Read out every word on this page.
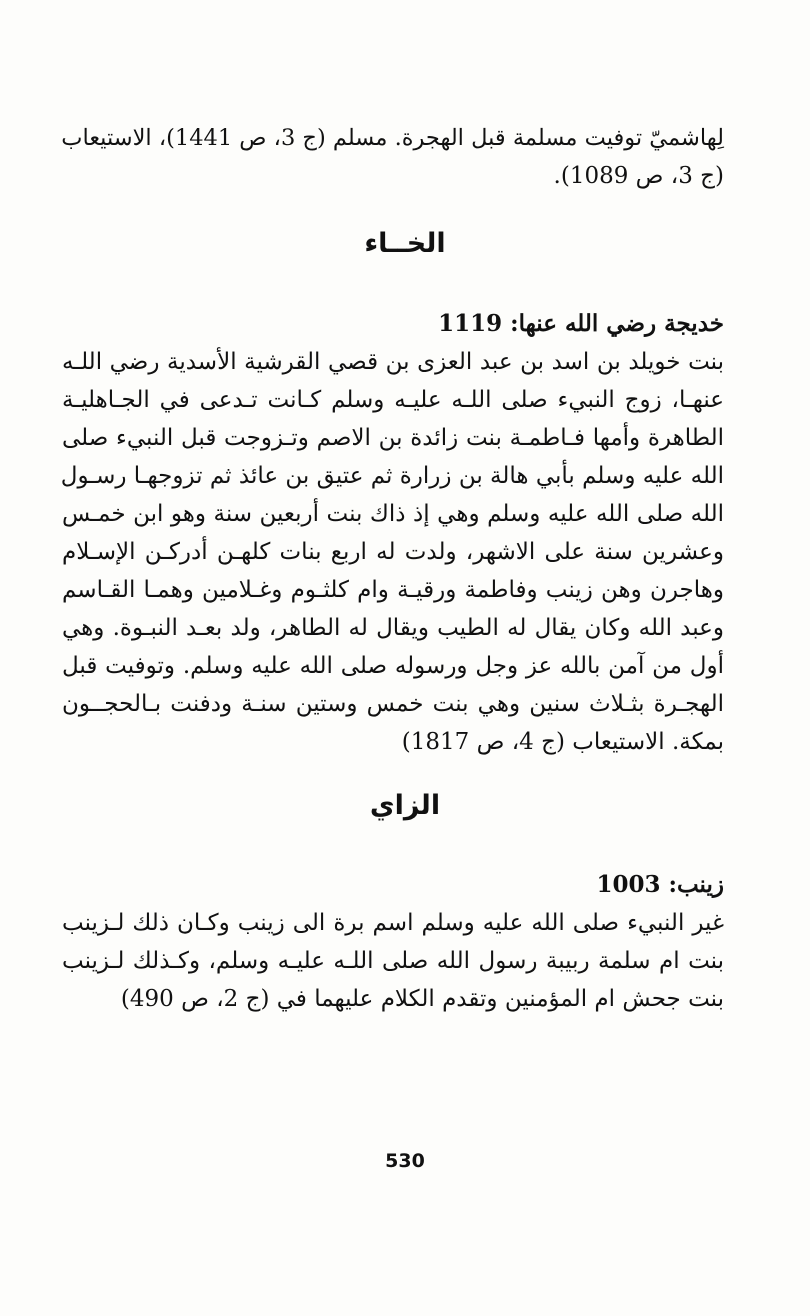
لِهاشميّ توفيت مسلمة قبل الهجرة. مسلم (ج 3، ص 1441)، الاستيعاب
(ج 3، ص 1089).
الخــاء
خديجة رضي الله عنها: 1119
بنت خويلد بن اسد بن عبد العزى بن قصي القرشية الأسدية رضي اللـه
عنهـا، زوج النبيء صلى اللـه عليـه وسلم كـانت تـدعى في الجـاهليـة
الطاهرة وأمها فـاطمـة بنت زائدة بن الاصم وتـزوجت قبل النبيء صلى
الله عليه وسلم بأبي هالة بن زرارة ثم عتيق بن عائذ ثم تزوجهـا رسـول
الله صلى الله عليه وسلم وهي إذ ذاك بنت أربعين سنة وهو ابن خمـس
وعشرين سنة على الاشهر، ولدت له اربع بنات كلهـن أدركـن الإسـلام
وهاجرن وهن زينب وفاطمة ورقيـة وام كلثـوم وغـلامين وهمـا القـاسم
وعبد الله وكان يقال له الطيب ويقال له الطاهر، ولد بعـد النبـوة. وهي
أول من آمن بالله عز وجل ورسوله صلى الله عليه وسلم. وتوفيت قبل
الهجـرة بثـلاث سنين وهي بنت خمس وستين سنـة ودفنت بـالحجــون
بمكة. الاستيعاب (ج 4، ص 1817)
الزاي
زينب: 1003
غير النبيء صلى الله عليه وسلم اسم برة الى زينب وكـان ذلك لـزينب
بنت ام سلمة ربيبة رسول الله صلى اللـه عليـه وسلم، وكـذلك لـزينب
بنت جحش ام المؤمنين وتقدم الكلام عليهما في (ج 2، ص 490)
530
